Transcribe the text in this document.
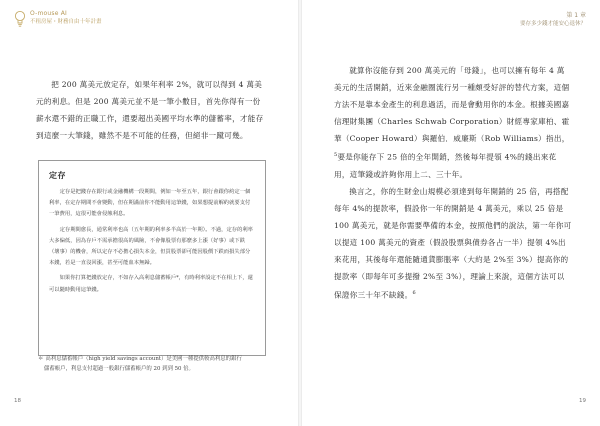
O-mouse AI
不租房屋・財務自由十年計畫

把 200 萬美元放定存，如果年利率 2%，就可以得到 4 萬美元的利息。但是 200 萬美元並不是一筆小數目，首先你得有一份薪水還不錯的正職工作，還要超出美國平均水準的儲蓄率，才能存到這麼一大筆錢，雖然不是不可能的任務，但絕非一蹴可幾。

定存

定存是把錢存在銀行或金融機構一段期間，例如一年至五年，銀行會跟你約定一個利率，在定存期間不會變動，但在期滿前你不能動用這筆錢，如果想提前解約就要支付一筆費用，這很可能會侵蝕利息。

定存期間愈長，通常利率也高（五年期的利率多半高於一年期）。不過，定存的利率大多偏低，因為存戶不需承擔很高的風險，不會像股票有那麼多上漲（好事）或下跌（壞事）的機會，所以定存不必擔心損失本金，但買股票卻可能因股價下跌而損失部分本錢，若是一直沒回漲，甚至可能血本無歸。

如果你打算把錢放定存，不如存入高利息儲蓄帳戶*，有時利率設定不在相上下，還可以隨時動用這筆錢。

＊ 高利息儲蓄帳戶（high yield savings account）是美國一種提供較高利息的銀行
儲蓄帳戶，利息支付超過一般銀行儲蓄帳戶的 20 到到 50 倍。
18
第 1 章
要存多少錢才能安心退休？

就算你沒能存到 200 萬美元的「母錢」，也可以擁有每年 4 萬美元的生活開銷，近來金融圈流行另一種頗受好評的替代方案，這個方法不是靠本金產生的利息過活，而是會動用你的本金。根據美國嘉信理財集團（Charles Schwab Corporation）財經專家庫柏、霍華（Cooper Howard）與羅伯．威廉斯（Rob Williams）指出，$^5$要是你能存下 25 倍的全年開銷，然後每年提領 4%的錢出來花用，這筆錢或許夠你用上二、三十年。

換言之，你的生財金山規模必須達到每年開銷的 25 倍，再搭配每年 4%的提款率，假設你一年的開銷是 4 萬美元，乘以 25 倍是 100 萬美元，就是你需要準備的本金，按照他們的說法，第一年你可以提這 100 萬美元的資產（假設股票與債券各占一半）提領 4%出來花用，其後每年還能隨通貨膨脹率（大約是 2%至 3%）提高你的提款率（即每年可多提撥 2%至 3%），理論上來說，這個方法可以保證你三十年不缺錢。$^6$

19
